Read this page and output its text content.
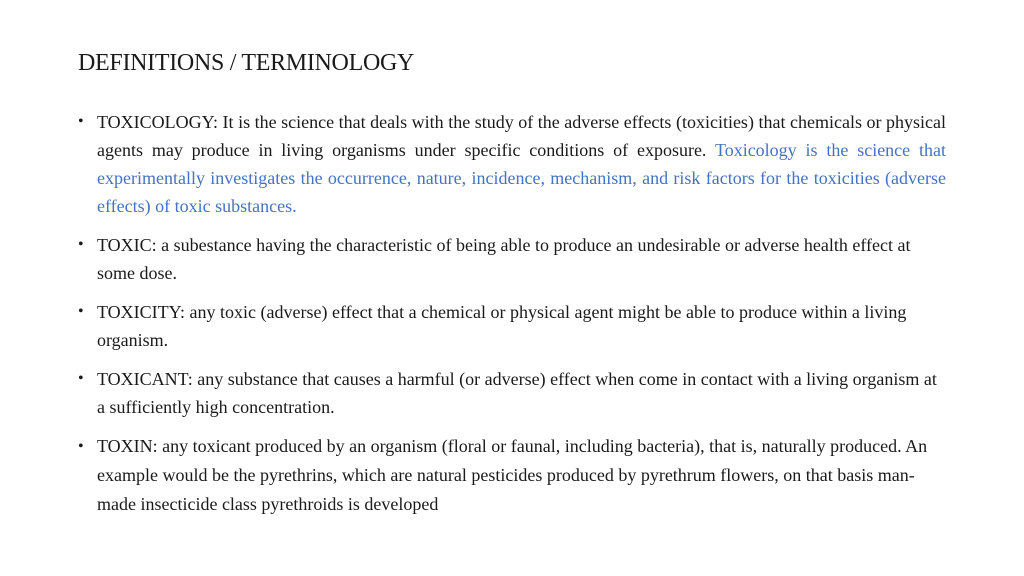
DEFINITIONS / TERMINOLOGY
• TOXICOLOGY: It is the science that deals with the study of the adverse effects (toxicities) that chemicals or physical agents may produce in living organisms under specific conditions of exposure. Toxicology is the science that experimentally investigates the occurrence, nature, incidence, mechanism, and risk factors for the toxicities (adverse effects) of toxic substances.
• TOXIC: a subestance having the characteristic of being able to produce an undesirable or adverse health effect at some dose.
• TOXICITY: any toxic (adverse) effect that a chemical or physical agent might be able to produce within a living organism.
• TOXICANT: any substance that causes a harmful (or adverse) effect when come in contact with a living organism at a sufficiently high concentration.
• TOXIN: any toxicant produced by an organism (floral or faunal, including bacteria), that is, naturally produced. An example would be the pyrethrins, which are natural pesticides produced by pyrethrum flowers, on that basis man-made insecticide class pyrethroids is developed
